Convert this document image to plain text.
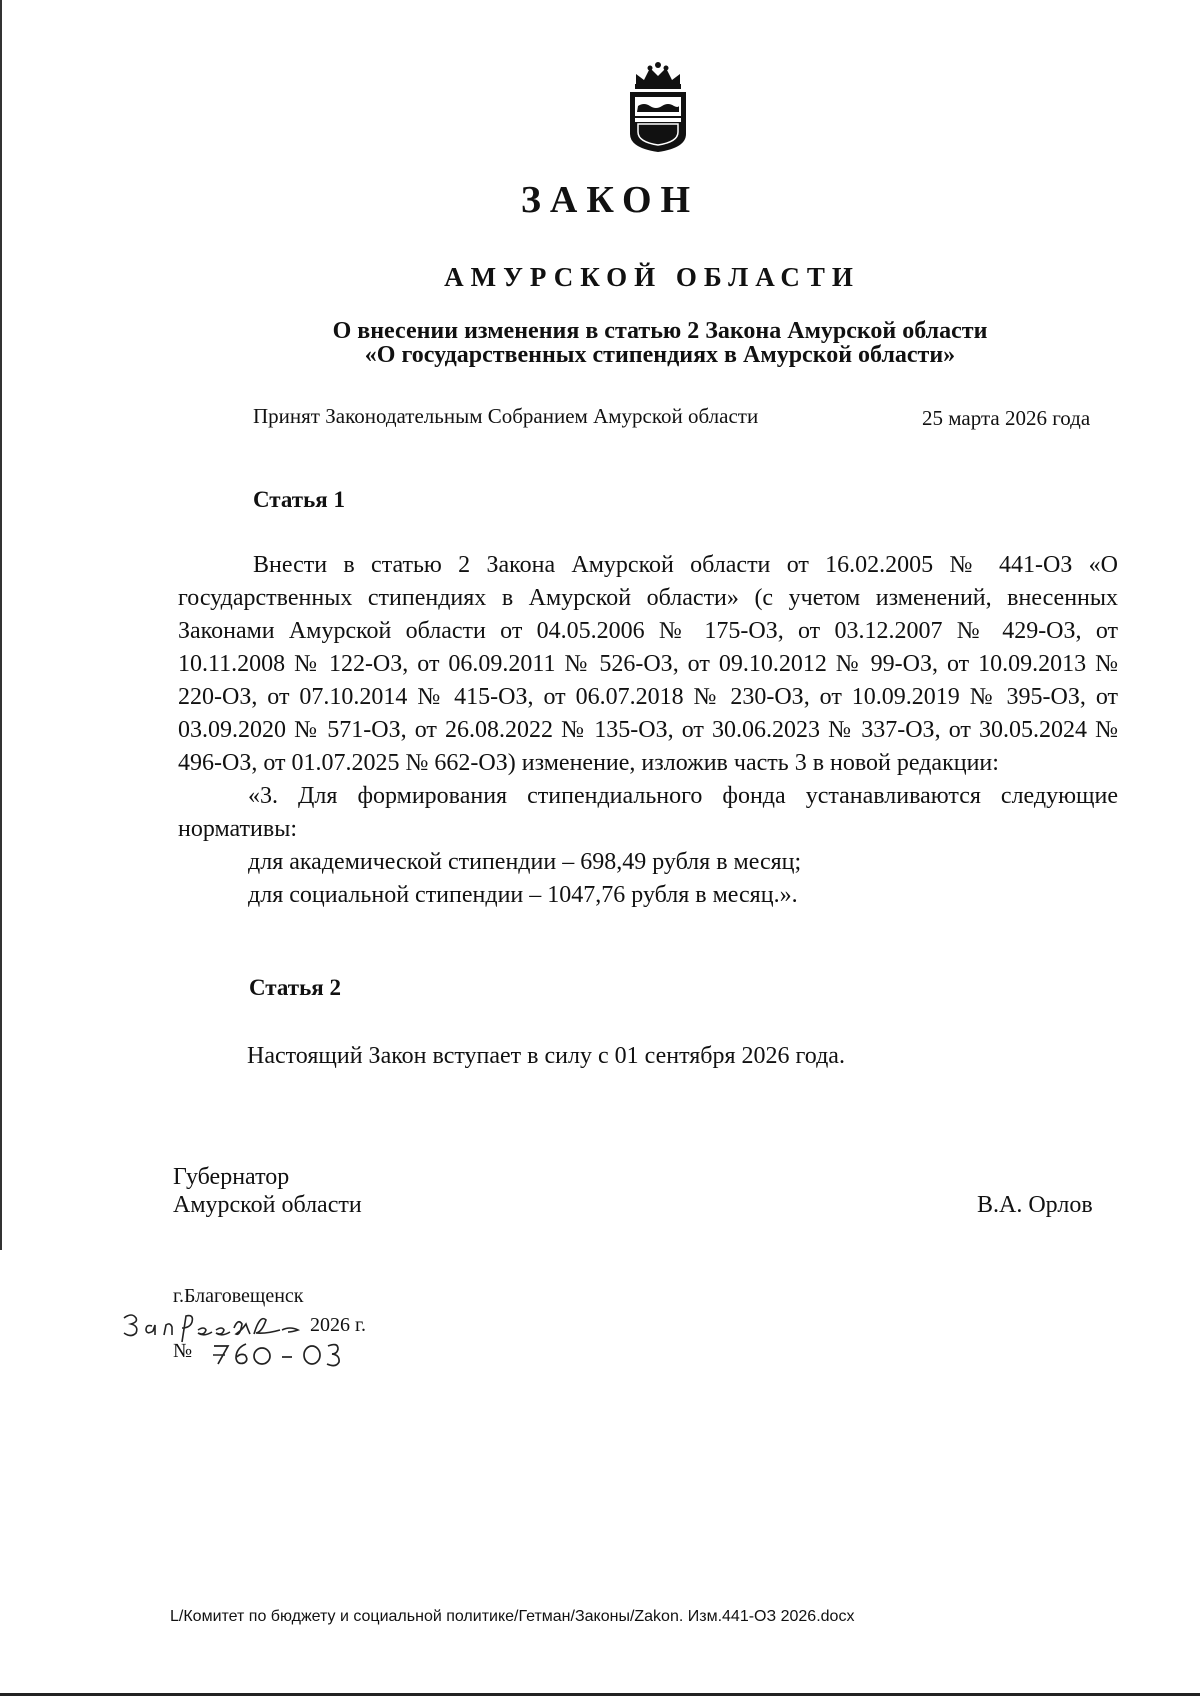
ЗАКОН
АМУРСКОЙ ОБЛАСТИ
О внесении изменения в статью 2 Закона Амурской области
«О государственных стипендиях в Амурской области»
Принят Законодательным Собранием Амурской области	25 марта 2026 года
Статья 1

Внести в статью 2 Закона Амурской области от 16.02.2005 № 441-ОЗ «О государственных стипендиях в Амурской области» (с учетом изменений, внесенных Законами Амурской области от 04.05.2006 № 175-ОЗ, от 03.12.2007 № 429-ОЗ, от 10.11.2008 № 122-ОЗ, от 06.09.2011 № 526-ОЗ, от 09.10.2012 № 99-ОЗ, от 10.09.2013 № 220-ОЗ, от 07.10.2014 № 415-ОЗ, от 06.07.2018 № 230-ОЗ, от 10.09.2019 № 395-ОЗ, от 03.09.2020 № 571-ОЗ, от 26.08.2022 № 135-ОЗ, от 30.06.2023 № 337-ОЗ, от 30.05.2024 № 496-ОЗ, от 01.07.2025 № 662-ОЗ) изменение, изложив часть 3 в новой редакции:

«3. Для формирования стипендиального фонда устанавливаются следующие нормативы:

для академической стипендии – 698,49 рубля в месяц;

для социальной стипендии – 1047,76 рубля в месяц.».

Статья 2
Настоящий Закон вступает в силу с 01 сентября 2026 года.
Губернатор
Амурской области	В.А. Орлов
г.Благовещенск
2026 г.
№
L/Комитет по бюджету и социальной политике/Гетман/Законы/Zakon. Изм.441-ОЗ 2026.docx
